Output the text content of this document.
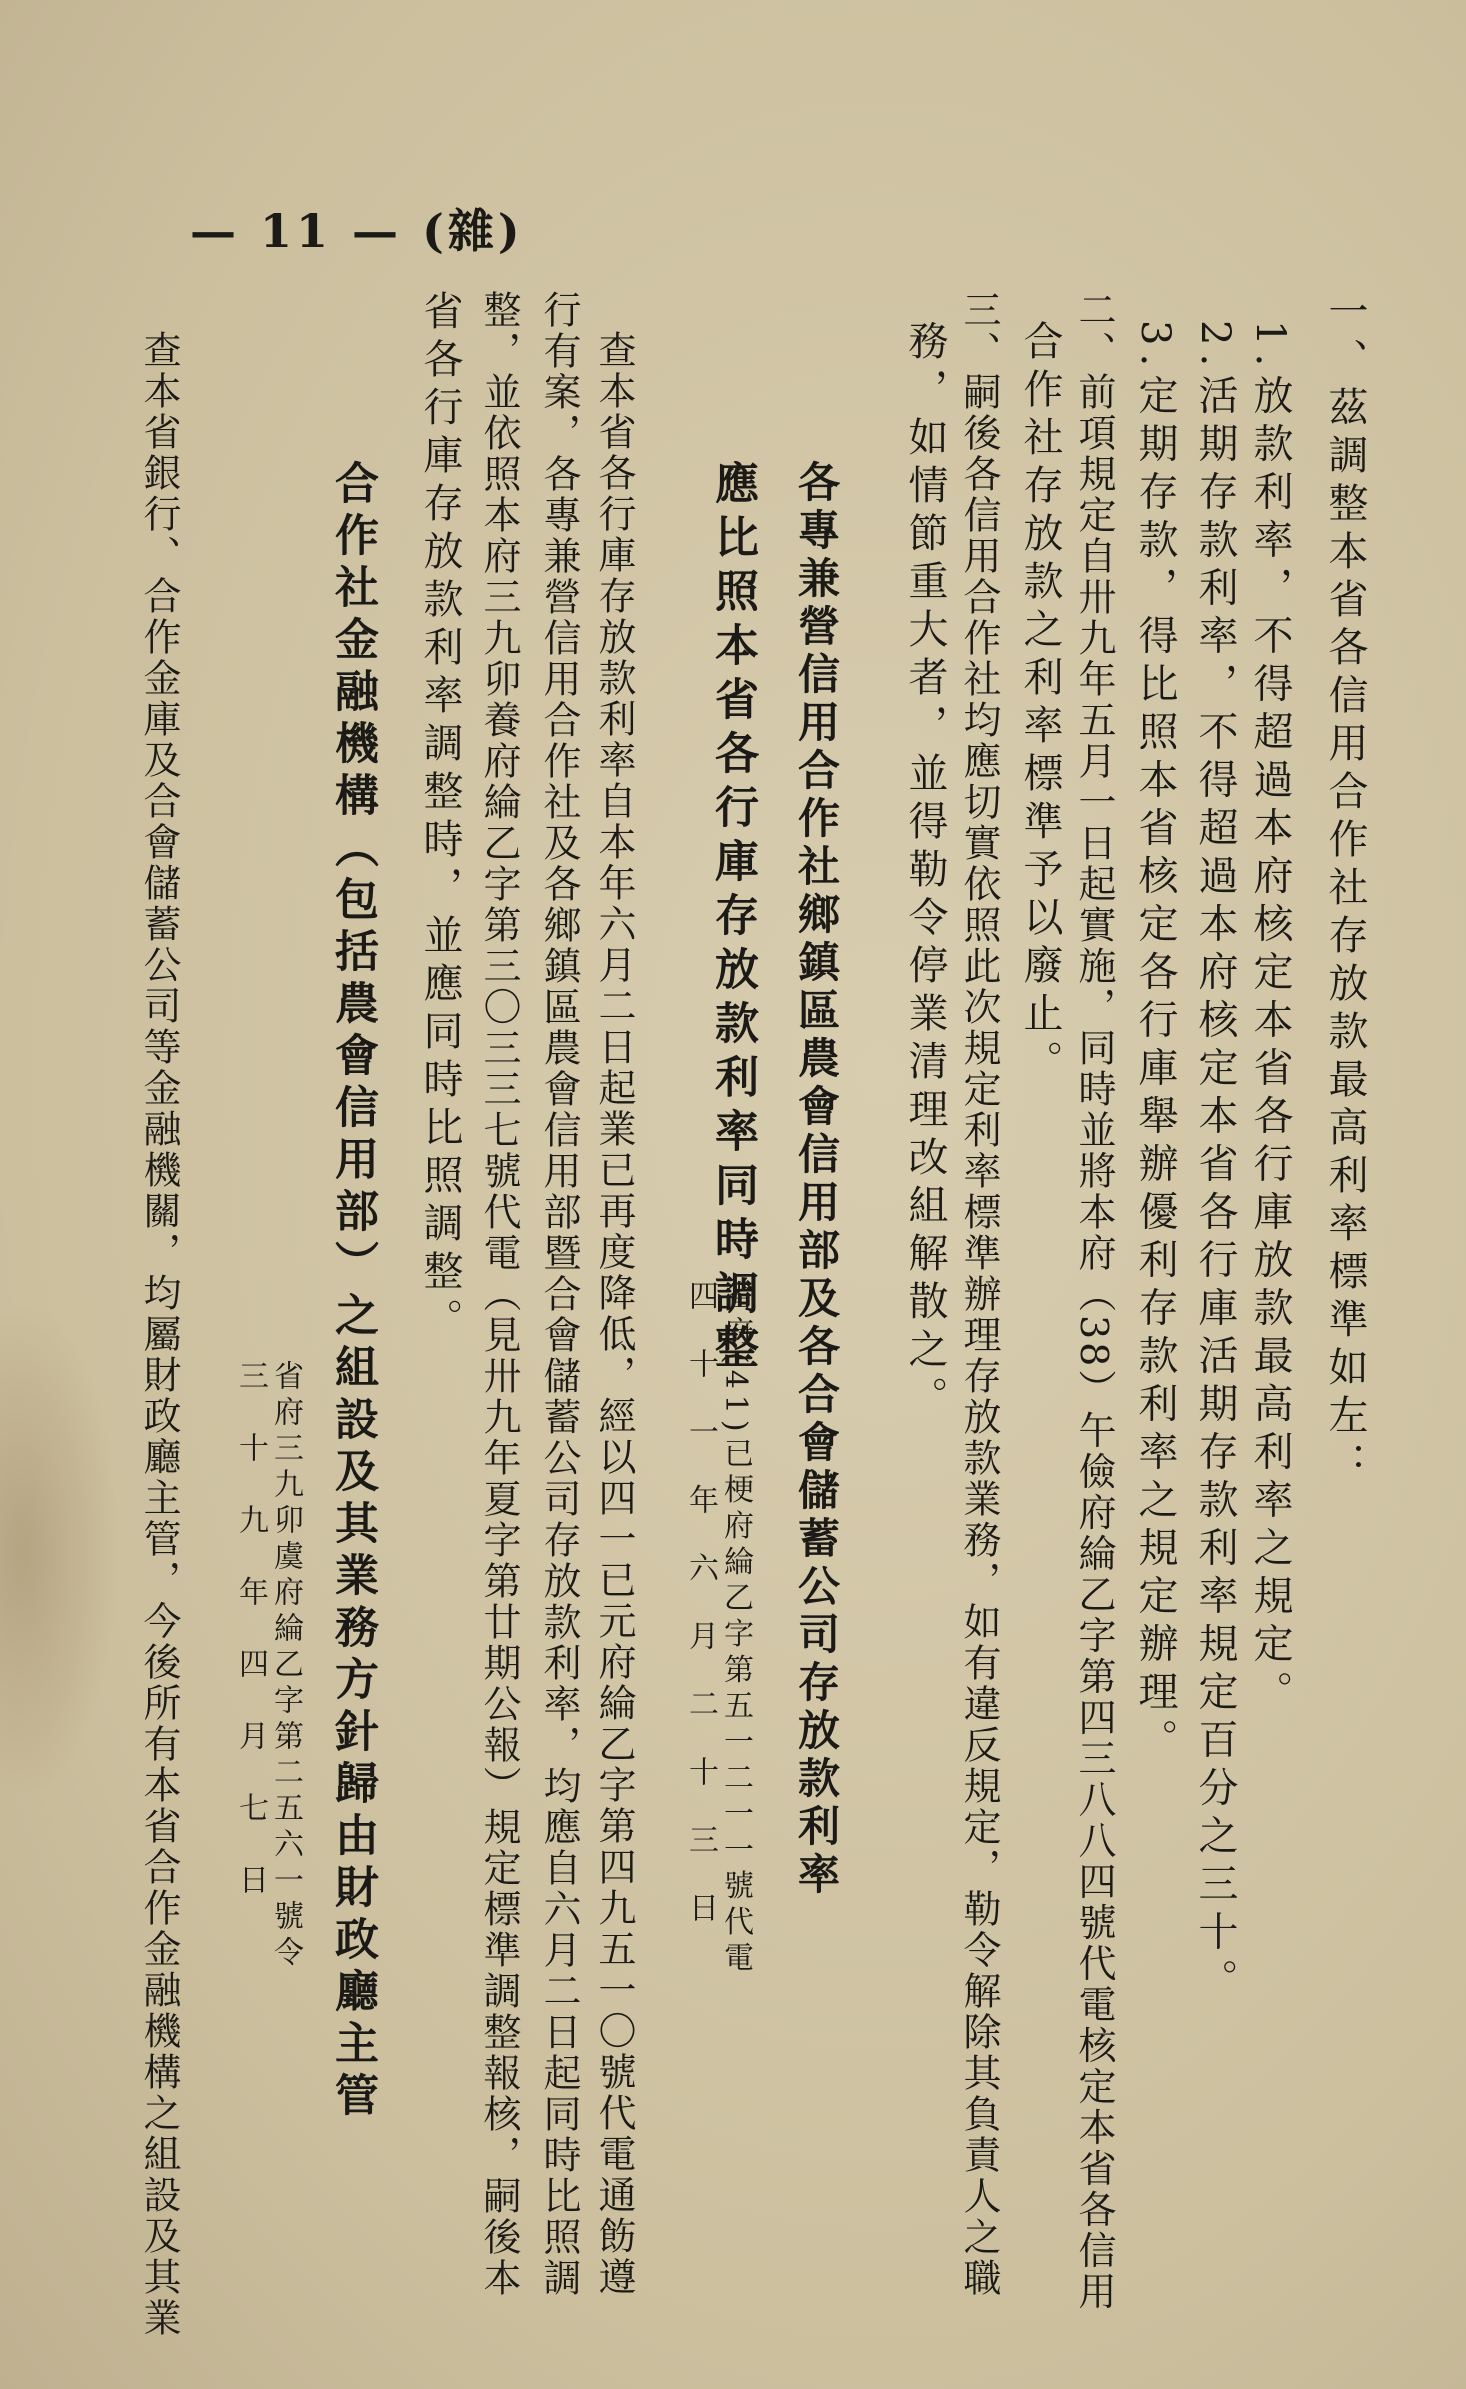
— 11 — (雜)
一、茲調整本省各信用合作社存放款最高利率標準如左：
1.放款利率，不得超過本府核定本省各行庫放款最高利率之規定。
2.活期存款利率，不得超過本府核定本省各行庫活期存款利率規定百分之三十。
3.定期存款，得比照本省核定各行庫舉辦優利存款利率之規定辦理。
二、前項規定自卅九年五月一日起實施，同時並將本府（38）午儉府綸乙字第四三八八四號代電核定本省各信用
合作社存放款之利率標準予以廢止。
三、嗣後各信用合作社均應切實依照此次規定利率標準辦理存放款業務，如有違反規定，勒令解除其負責人之職
務，如情節重大者，並得勒令停業清理改組解散之。
各專兼營信用合作社鄉鎮區農會信用部及各合會儲蓄公司存放款利率
應比照本省各行庫存放款利率同時調整
省府(41)已梗府綸乙字第五一二一一號代電
四　十　一　年　六　月　二　十　三　日
查本省各行庫存放款利率自本年六月二日起業已再度降低，經以四一已元府綸乙字第四九五一〇號代電通飭遵
行有案，各專兼營信用合作社及各鄉鎮區農會信用部暨合會儲蓄公司存放款利率，均應自六月二日起同時比照調
整，並依照本府三九卯養府綸乙字第三〇三三七號代電（見卅九年夏字第廿期公報）規定標準調整報核，嗣後本
省各行庫存放款利率調整時，並應同時比照調整。
合作社金融機構（包括農會信用部）之組設及其業務方針歸由財政廳主管
省府三九卯虞府綸乙字第二五六一號令
三　十　九　年　四　月　七　日
查本省銀行、合作金庫及合會儲蓄公司等金融機關，均屬財政廳主管，今後所有本省合作金融機構之組設及其業
